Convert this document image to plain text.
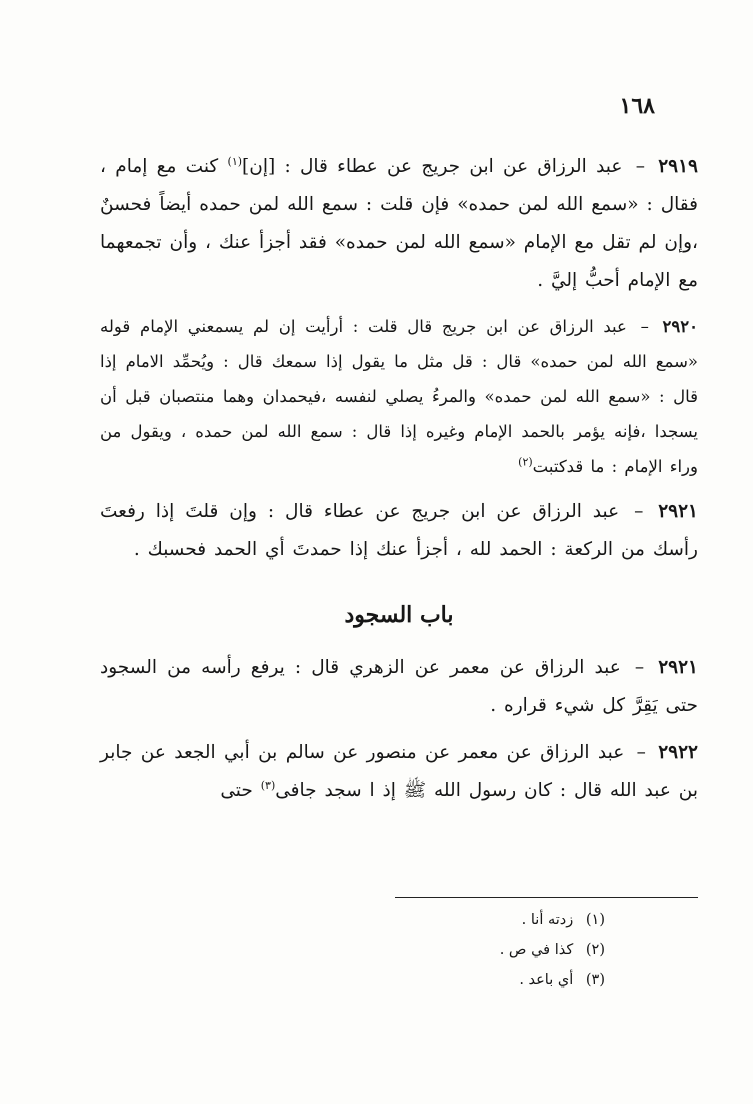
١٦٨

٢٩١٩ – عبد الرزاق عن ابن جريج عن عطاء قال : [إن]$^{(١)}$ كنت مع إمام ، فقال : «سمع الله لمن حمده» فإن قلت : سمع الله لمن حمده أيضاً فحسنٌ ،وإن لم تقل مع الإمام «سمع الله لمن حمده» فقد أجزأ عنك ، وأن تجمعهما مع الإمام أحبُّ إليَّ .

٢٩٢٠ – عبد الرزاق عن ابن جريج قال قلت : أرأيت إن لم يسمعني الإمام قوله «سمع الله لمن حمده» قال : قل مثل ما يقول إذا سمعك قال : ويُحمِّد الامام إذا قال : «سمع الله لمن حمده» والمرءُ يصلي لنفسه ،فيحمدان وهما منتصبان قبل أن يسجدا ،فإنه يؤمر بالحمد الإمام وغيره إذا قال : سمع الله لمن حمده ، ويقول من وراء الإمام : ما قدكتبت$^{(٢)}$

٢٩٢١ – عبد الرزاق عن ابن جريج عن عطاء قال : وإن قلتَ إذا رفعتَ رأسك من الركعة : الحمد لله ، أجزأ عنك إذا حمدتَ أي الحمد فحسبك .

باب السجود

٢٩٢١ – عبد الرزاق عن معمر عن الزهري قال : يرفع رأسه من السجود حتى يَقِرَّ كل شيء قراره .

٢٩٢٢ – عبد الرزاق عن معمر عن منصور عن سالم بن أبي الجعد عن جابر بن عبد الله قال : كان رسول الله ﷺ إذ ا سجد جافى$^{(٣)}$ حتى

(١) زدته أنا .
(٢) كذا في ص .
(٣) أي باعد .
